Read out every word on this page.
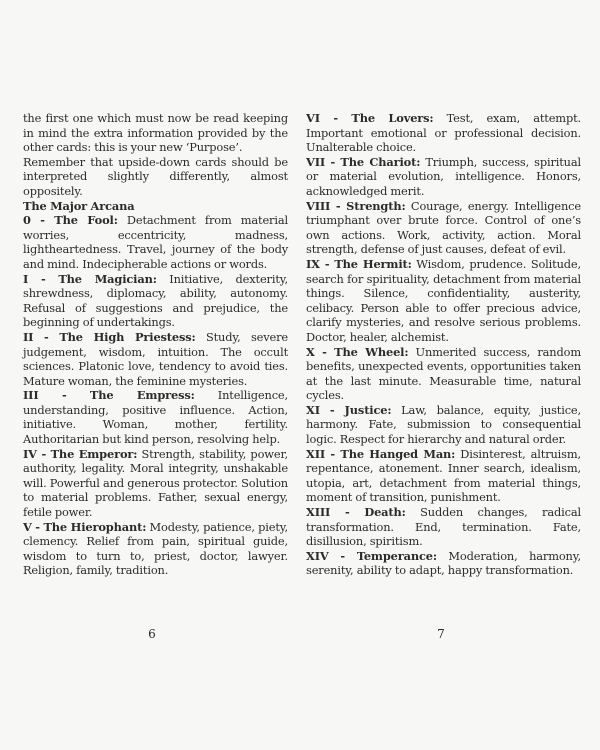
the first one which must now be read keeping in mind the extra information provided by the other cards: this is your new ‘Purpose’.

Remember that upside-down cards should be interpreted slightly differently, almost oppositely.

The Major Arcana

0 - The Fool: Detachment from material worries, eccentricity, madness, lightheartedness. Travel, journey of the body and mind. Indecipherable actions or words.

I - The Magician: Initiative, dexterity, shrewdness, diplomacy, ability, autonomy. Refusal of suggestions and prejudice, the beginning of undertakings.

II - The High Priestess: Study, severe judgement, wisdom, intuition. The occult sciences. Platonic love, tendency to avoid ties. Mature woman, the feminine mysteries.

III - The Empress: Intelligence, understanding, positive influence. Action, initiative. Woman, mother, fertility. Authoritarian but kind person, resolving help.

IV - The Emperor: Strength, stability, power, authority, legality. Moral integrity, unshakable will. Powerful and generous protector. Solution to material problems. Father, sexual energy, fetile power.

V - The Hierophant: Modesty, patience, piety, clemency. Relief from pain, spiritual guide, wisdom to turn to, priest, doctor, lawyer. Religion, family, tradition.

VI - The Lovers: Test, exam, attempt. Important emotional or professional decision. Unalterable choice.

VII - The Chariot: Triumph, success, spiritual or material evolution, intelligence. Honors, acknowledged merit.

VIII - Strength: Courage, energy. Intelligence triumphant over brute force. Control of one’s own actions. Work, activity, action. Moral strength, defense of just causes, defeat of evil.

IX - The Hermit: Wisdom, prudence. Solitude, search for spirituality, detachment from material things. Silence, confidentiality, austerity, celibacy. Person able to offer precious advice, clarify mysteries, and resolve serious problems. Doctor, healer, alchemist.

X - The Wheel: Unmerited success, random benefits, unexpected events, opportunities taken at the last minute. Measurable time, natural cycles.

XI - Justice: Law, balance, equity, justice, harmony. Fate, submission to consequential logic. Respect for hierarchy and natural order.

XII - The Hanged Man: Disinterest, altruism, repentance, atonement. Inner search, idealism, utopia, art, detachment from material things, moment of transition, punishment.

XIII - Death: Sudden changes, radical transformation. End, termination. Fate, disillusion, spiritism.

XIV - Temperance: Moderation, harmony, serenity, ability to adapt, happy transformation.

6	7
